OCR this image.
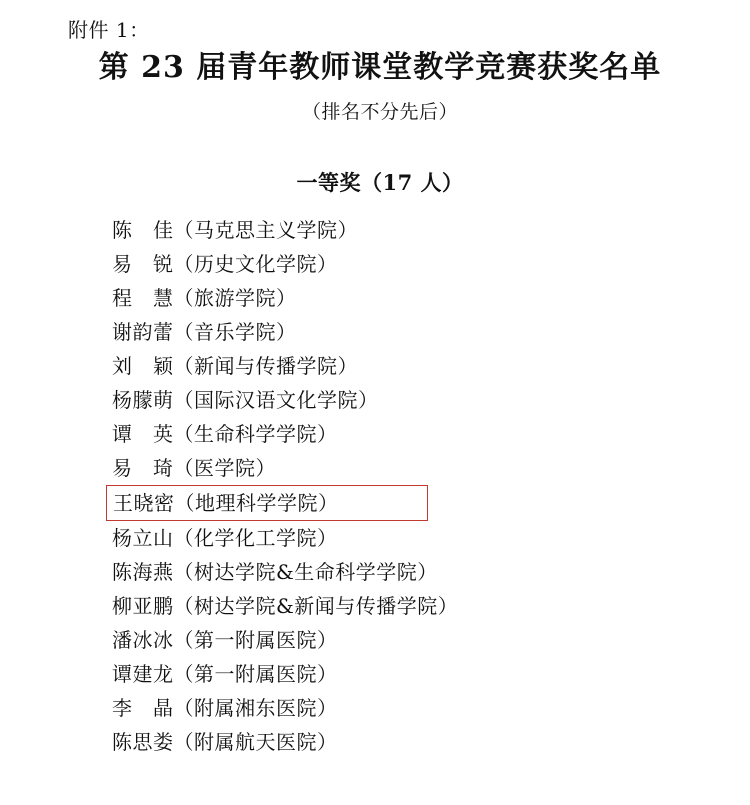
附件 1：
第 23 届青年教师课堂教学竞赛获奖名单
（排名不分先后）
一等奖（17 人）
陈　佳（马克思主义学院）
易　锐（历史文化学院）
程　慧（旅游学院）
谢韵蕾（音乐学院）
刘　颖（新闻与传播学院）
杨朦萌（国际汉语文化学院）
谭　英（生命科学学院）
易　琦（医学院）
王晓密（地理科学学院）
杨立山（化学化工学院）
陈海燕（树达学院&生命科学学院）
柳亚鹏（树达学院&新闻与传播学院）
潘冰冰（第一附属医院）
谭建龙（第一附属医院）
李　晶（附属湘东医院）
陈思娄（附属航天医院）
